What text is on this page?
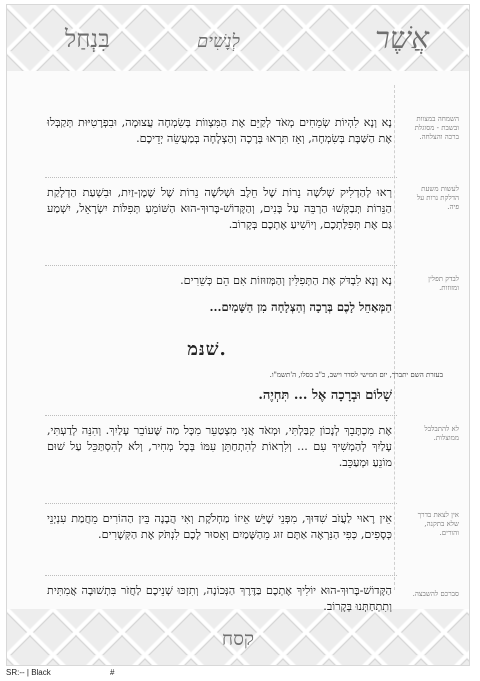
אֲשֶׁר
לְנָשִׁים
בִּנְחַל
השמחה במצוות ובשבת - מסוגלת ברכה והצלחה.
לעשות משעת הדלקת נרות על פיה.
לבדק תפלין ומזוזות.
לא להתבלבל ממוצלות.
אין לצאת בדרך שלא בתקנה, והורים.
סברכם להשבצה.
נָא וְנָא לִהְיוֹת שְׂמֵחִים מְאֹד לְקַיֵּם אֶת הַמִּצְווֹת בְּשִׂמְחָה עֲצוּמָה, וּבִפְרָטִיּוּת תְּקַבְּלוּ אֶת הַשַּׁבָּת בְּשִׂמְחָה, וְאָז תִּרְאוּ בְּרָכָה וְהַצְלָחָה בְּמַעֲשֵׂה יְדֵיכֶם.
רְאוּ לְהַדְלִיק שְׁלֹשָׁה נֵרוֹת שֶׁל חֵלֶב וּשְׁלֹשָׁה נֵרוֹת שֶׁל שֶׁמֶן-זַיִת, וּבִשְׁעַת הַדְלָקַת הַנֵּרוֹת תְּבַקְּשׁוּ הַרְבֵּה עַל בָּנִים, וְהַקָּדוֹשׁ-בָּרוּךְ-הוּא הַשּׁוֹמֵעַ תְּפִלּוֹת יִשְׂרָאֵל, יִשְׁמַע גַּם אֶת תְּפִלַּתְכֶם, וְיוֹשִׁיעַ אֶתְכֶם בְּקָרוֹב.
נָא וְנָא לִבְדֹּק אֶת הַתְּפִלִּין וְהַמְּזוּזוֹת אִם הֵם כְּשֵׁרִים.
הַמְּאַחֵל לָכֶם בְּרָכָה וְהַצְלָחָה מִן הַשָּׁמַיִם...
שׁנּמ.
בעזרת השם יתברך, יום חמישי לסדר וישב, כ"ב כסלו, ה'תשמ"ו.
שָׁלוֹם וּבְרָכָה אֶל ... תִּחְיֶה.
אֶת מִכְתָּבֵךְ לְנָכוֹן קִבַּלְתִּי, וּמְאֹד אֲנִי מִצְטַעֵר מִכָּל מַה שֶּׁעוֹבֵר עָלַיִךְ. וְהִנֵּה לְדַעְתִּי, עָלַיִךְ לְהַמְשִׁיךְ עִם ... וְלִרְאוֹת לְהִתְחַתֵּן עִמּוֹ בְּכָל מְחִיר, וְלֹא לְהִסְתַּכֵּל עַל שׁוּם מוֹנֵעַ וּמְעַכֵּב.
אֵין רָאוּי לַעֲזֹב שִׁדּוּךְ, מִפְּנֵי שֶׁיֵּשׁ אֵיזוֹ מַחְלֹקֶת וְאִי הֲבָנָה בֵּין הַהוֹרִים מֵחֲמַת עִנְיְנֵי כְּסָפִים, כְּפִי הַנִּרְאֶה אַתֶּם זוּג מֵהַשָּׁמַיִם וְאָסוּר לָכֶם לִנְתֹּק אֶת הַקְּשָׁרִים.
הַקָּדוֹשׁ-בָּרוּךְ-הוּא יוֹלִיךְ אֶתְכֶם בַּדֶּרֶךְ הַנְּכוֹנָה, וְתִזְכּוּ שְׁנֵיכֶם לַחֲזֹר בִּתְשׁוּבָה אֲמִתִּית וְתִתְחַתְּנוּ בְּקָרוֹב.
קסח
SR:-- | Black	#
